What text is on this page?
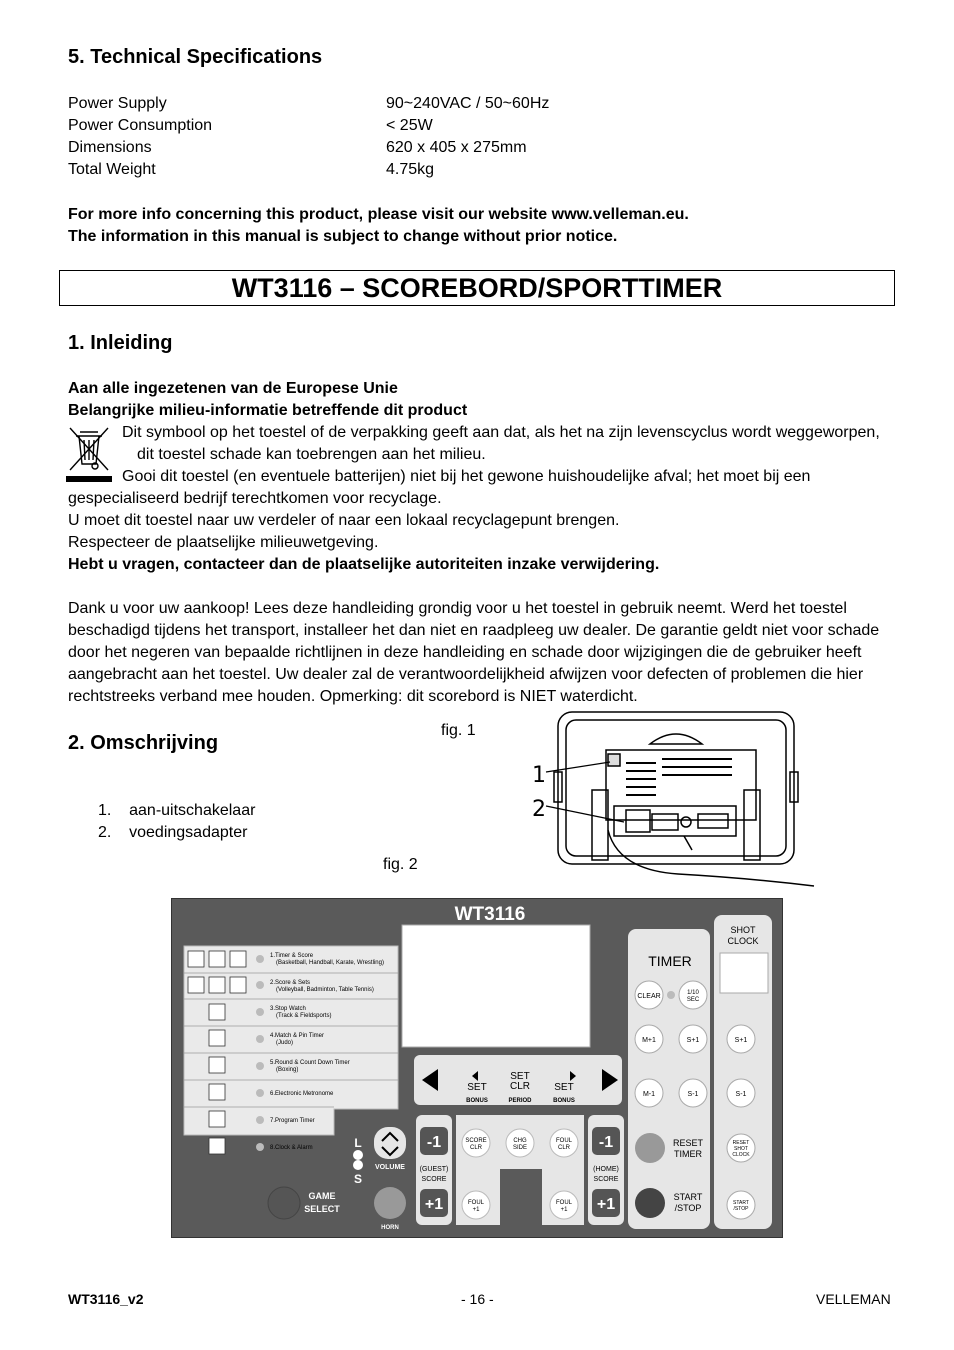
5. Technical Specifications
Power Supply	90~240VAC / 50~60Hz
Power Consumption	< 25W
Dimensions	620 x 405 x 275mm
Total Weight	4.75kg
For more info concerning this product, please visit our website www.velleman.eu.
The information in this manual is subject to change without prior notice.
WT3116 – SCOREBORD/SPORTTIMER
1. Inleiding
Aan alle ingezetenen van de Europese Unie
Belangrijke milieu-informatie betreffende dit product
Dit symbool op het toestel of de verpakking geeft aan dat, als het na zijn levenscyclus wordt weggeworpen,
dit toestel schade kan toebrengen aan het milieu.
Gooi dit toestel (en eventuele batterijen) niet bij het gewone huishoudelijke afval; het moet bij een
gespecialiseerd bedrijf terechtkomen voor recyclage.
U moet dit toestel naar uw verdeler of naar een lokaal recyclagepunt brengen.
Respecteer de plaatselijke milieuwetgeving.
Hebt u vragen, contacteer dan de plaatselijke autoriteiten inzake verwijdering.
Dank u voor uw aankoop! Lees deze handleiding grondig voor u het toestel in gebruik neemt. Werd het toestel
beschadigd tijdens het transport, installeer het dan niet en raadpleeg uw dealer. De garantie geldt niet voor schade
door het negeren van bepaalde richtlijnen in deze handleiding en schade door wijzigingen die de gebruiker heeft
aangebracht aan het toestel. Uw dealer zal de verantwoordelijkheid afwijzen voor defecten of problemen die hier
rechtstreeks verband mee houden. Opmerking: dit scorebord is NIET waterdicht.
2. Omschrijving
fig. 1
1.    aan-uitschakelaar
2.    voedingsadapter
fig. 2
1
2
WT3116
1.Timer & Score
(Basketball, Handball, Karate, Wrestling)
2.Score & Sets
(Volleyball, Badminton, Table Tennis)
3.Stop Watch
(Track & Fieldsports)
4.Match & Pin Timer
(Judo)
5.Round & Count Down Timer
(Boxing)
6.Electronic Metronome
7.Program Timer
8.Clock & Alarm
SET
BONUS
SET
CLR
PERIOD
SET
BONUS
-1
+1
-1
+1
(GUEST)
SCORE
(HOME)
SCORE
SCORE
CLR
CHG
SIDE
FOUL
CLR
FOUL
+1
FOUL
+1
L
S
VOLUME
HORN
GAME
SELECT
TIMER
CLEAR	1/10
SEC
M+1	S+1
M-1	S-1
RESET
TIMER
START
/STOP
SHOT
CLOCK
S+1
S-1
RESET
SHOT
CLOCK
START
/STOP
WT3116_v2	- 16 -	VELLEMAN
